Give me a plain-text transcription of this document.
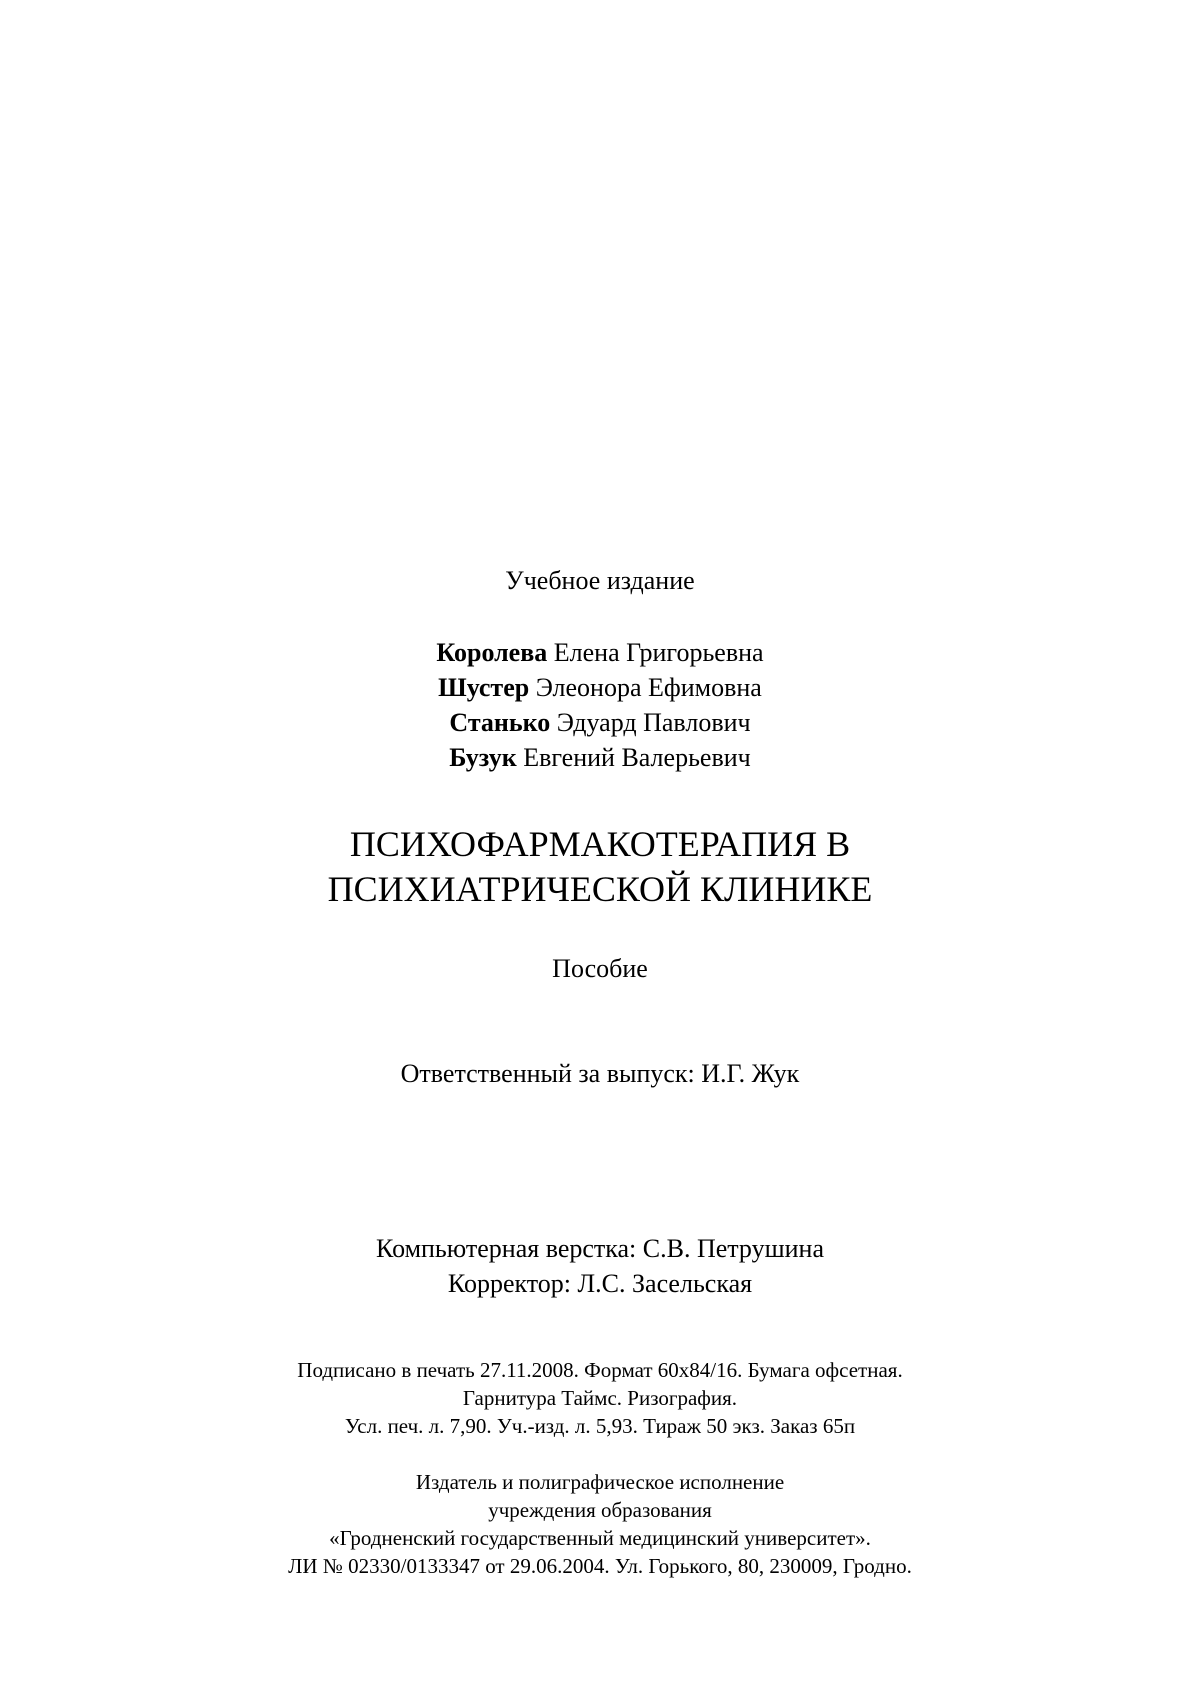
Учебное издание
Королева Елена Григорьевна
Шустер Элеонора Ефимовна
Станько Эдуард Павлович
Бузук Евгений Валерьевич
ПСИХОФАРМАКОТЕРАПИЯ В
ПСИХИАТРИЧЕСКОЙ КЛИНИКЕ
Пособие
Ответственный за выпуск: И.Г. Жук
Компьютерная верстка: С.В. Петрушина
Корректор: Л.С. Засельская
Подписано в печать 27.11.2008. Формат 60x84/16. Бумага офсетная.
Гарнитура Таймс. Ризография.
Усл. печ. л. 7,90. Уч.-изд. л. 5,93. Тираж 50 экз. Заказ 65п
Издатель и полиграфическое исполнение
учреждения образования
«Гродненский государственный медицинский университет».
ЛИ № 02330/0133347 от 29.06.2004. Ул. Горького, 80, 230009, Гродно.
